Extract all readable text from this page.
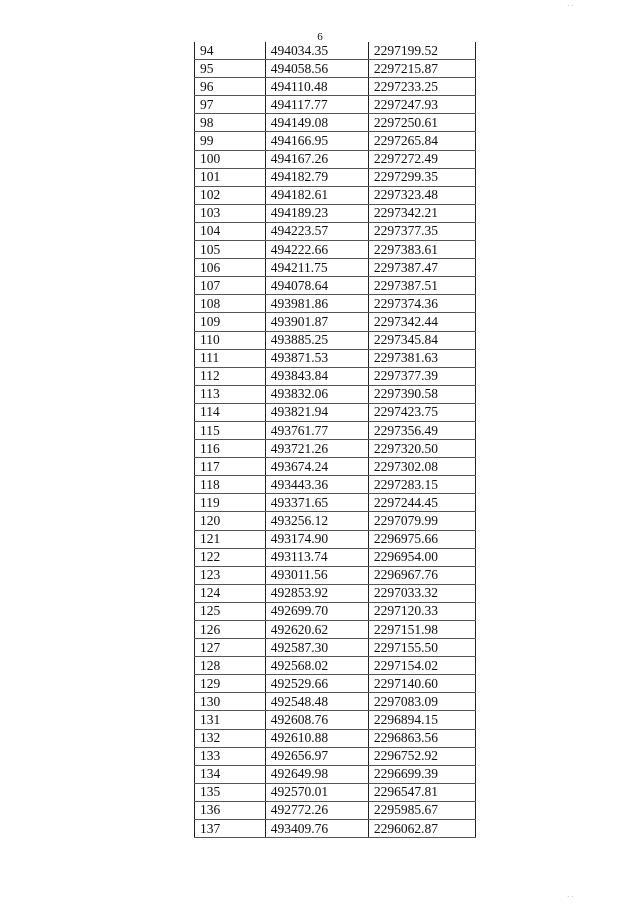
6
94	494034.35	2297199.52
95	494058.56	2297215.87
96	494110.48	2297233.25
97	494117.77	2297247.93
98	494149.08	2297250.61
99	494166.95	2297265.84
100	494167.26	2297272.49
101	494182.79	2297299.35
102	494182.61	2297323.48
103	494189.23	2297342.21
104	494223.57	2297377.35
105	494222.66	2297383.61
106	494211.75	2297387.47
107	494078.64	2297387.51
108	493981.86	2297374.36
109	493901.87	2297342.44
110	493885.25	2297345.84
111	493871.53	2297381.63
112	493843.84	2297377.39
113	493832.06	2297390.58
114	493821.94	2297423.75
115	493761.77	2297356.49
116	493721.26	2297320.50
117	493674.24	2297302.08
118	493443.36	2297283.15
119	493371.65	2297244.45
120	493256.12	2297079.99
121	493174.90	2296975.66
122	493113.74	2296954.00
123	493011.56	2296967.76
124	492853.92	2297033.32
125	492699.70	2297120.33
126	492620.62	2297151.98
127	492587.30	2297155.50
128	492568.02	2297154.02
129	492529.66	2297140.60
130	492548.48	2297083.09
131	492608.76	2296894.15
132	492610.88	2296863.56
133	492656.97	2296752.92
134	492649.98	2296699.39
135	492570.01	2296547.81
136	492772.26	2295985.67
137	493409.76	2296062.87
· ·
· ·
